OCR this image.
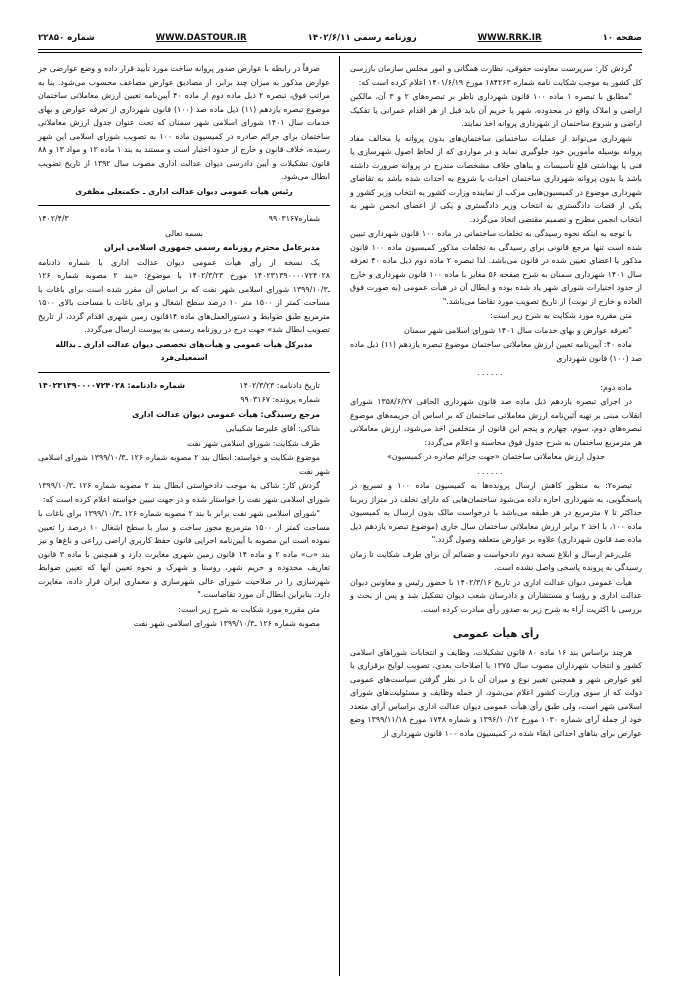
شماره ۲۲۸۵۰	WWW.DASTOUR.IR	روزنامه رسمی ۱۴۰۲/۶/۱۱	WWW.RRK.IR	صفحه ۱۰

گردش کار: سرپرست معاونت حقوقی، نظارت همگانی و امور مجلس سازمان بازرسی کل کشور به موجب شکایت نامه شماره ۱۸۴۲۶۳ مورخ ۱۴۰۱/۶/۱۹ اعلام کرده است که:

"مطابق با تبصره ۱ ماده ۱۰۰ قانون شهرداری ناظر بر تبصره‌های ۲ و ۳ آن، مالکین اراضی و املاک واقع در محدوده، شهر یا حریم آن باید قبل از هر اقدام عمرانی یا تفکیک اراضی و شروع ساختمان از شهرداری پروانه اخذ نمایند.

شهرداری می‌تواند از عملیات ساختمانی ساختمان‌های بدون پروانه یا مخالف مفاد پروانه بوسیله مأمورین خود جلوگیری نماید و در مواردی که از لحاظ اصول شهرسازی یا فنی یا بهداشتی قلع تأسیسات و بناهای خلاف مشخصات مندرج در پروانه ضرورت داشته باشد یا بدون پروانه شهرداری ساختمان احداث یا شروع به احداث شده باشد به تقاضای شهرداری موضوع در کمیسیون‌هایی مرکب از نماینده وزارت کشور به انتخاب وزیر کشور و یکی از قضات دادگستری به انتخاب وزیر دادگستری و یکی از اعضای انجمن شهر به انتخاب انجمن مطرح و تصمیم مقتضی اتخاذ می‌گردد.

با توجه به اینکه نحوه رسیدگی به تخلفات ساختمانی در ماده ۱۰۰ قانون شهرداری تبیین شده است تنها مرجع قانونی برای رسیدگی به تخلفات مذکور کمیسیون ماده ۱۰۰ قانون مذکور یا اعضای تعیین شده در قانون می‌باشد. لذا تبصره ۲ ماده دوم ذیل ماده ۴۰ تعرفه سال ۱۴۰۱ شهرداری سمنان به شرح صفحه ۵۶ مغایر با ماده ۱۰۰ قانون شهرداری و خارج از حدود اختیارات شورای شهر یاد شده بوده و ابطال آن در هیأت عمومی (به صورت فوق العاده و خارج از نوبت) از تاریخ تصویب مورد تقاضا می‌باشد."

متن مقرره مورد شکایت به شرح زیر است:

"تعرفه عوارض و بهای خدمات سال ۱۴۰۱ شورای اسلامی شهر سمنان

ماده ۴۰: آیین‌نامه تعیین ارزش معاملاتی ساختمان موضوع تبصره یازدهم (۱۱) ذیل ماده صد (۱۰۰) قانون شهرداری

......

ماده دوم:

در اجرای تبصره یازدهم ذیل ماده صد قانون شهرداری الحاقی ۱۳۵۸/۶/۲۷ شورای انقلاب مبنی بر تهیه آئین‌نامه ارزش معاملاتی ساختمان که بر اساس آن جریمه‌های موضوع تبصره‌های دوم، سوم، چهارم و پنجم این قانون از متخلفین اخذ می‌شود، ارزش معاملاتی هر مترمربع ساختمان به شرح جدول فوق محاسبه و اعلام می‌گردد:

جدول ارزش معاملاتی ساختمان «جهت جرائم صادره در کمیسیون»

......

تبصره۲: به منظور کاهش ارسال پرونده‌ها به کمیسیون ماده ۱۰۰ و تسریع در پاسخگویی، به شهرداری اجازه داده می‌شود ساختمان‌هایی که دارای تخلف در متراژ زیربنا حداکثر تا ۷ مترمربع در هر طبقه می‌باشد با درخواست مالک بدون ارسال به کمیسیون ماده ۱۰۰، با اخذ ۲ برابر ارزش معاملاتی ساختمان سال جاری (موضوع تبصره یازدهم ذیل ماده صد قانون شهرداری) علاوه بر عوارض متعلقه وصول گردد."

علی‌رغم ارسال و ابلاغ نسخه دوم دادخواست و ضمائم آن برای طرف شکایت تا زمان رسیدگی به پرونده پاسخی واصل نشده است.

هیأت عمومی دیوان عدالت اداری در تاریخ ۱۴۰۲/۳/۱۶ با حضور رئیس و معاونین دیوان عدالت اداری و رؤسا و مستشاران و دادرسان شعب دیوان تشکیل شد و پس از بحث و بررسی با اکثریت آراء به شرح زیر به صدور رأی مبادرت کرده است.

رأی هیأت عمومی

هرچند براساس بند ۱۶ ماده ۸۰ قانون تشکیلات، وظایف و انتخابات شوراهای اسلامی کشور و انتخاب شهرداران مصوب سال ۱۳۷۵ با اصلاحات بعدی، تصویب لوایح برقراری یا لغو عوارض شهر و همچنین تغییر نوع و میزان آن با در نظر گرفتن سیاست‌های عمومی دولت که از سوی وزارت کشور اعلام می‌شود، از جمله وظایف و مسئولیت‌های شورای اسلامی شهر است، ولی طبق رأی هیأت عمومی دیوان عدالت اداری براساس آرای متعدد خود از جمله آرای شماره ۱۰۳۰ مورخ ۱۳۹۶/۱۰/۱۲ و شماره ۱۷۴۸ مورخ ۱۳۹۹/۱۱/۱۸ وضع عوارض برای بناهای احداثی ابقاء شده در کمیسیون ماده ۱۰۰ قانون شهرداری از

صرفاً در رابطه با عوارض صدور پروانه ساخت مورد تأیید قرار داده و وضع عوارضی جز عوارض مذکور به میزان چند برابر، از مصادیق عوارض مضاعف محسوب می‌شود. بنا به مراتب فوق، تبصره ۲ ذیل ماده دوم از ماده ۴۰ آیین‌نامه تعیین ارزش معاملاتی ساختمان موضوع تبصره یازدهم (۱۱) ذیل ماده صد (۱۰۰) قانون شهرداری از تعرفه عوارض و بهای خدمات سال ۱۴۰۱ شورای اسلامی شهر سمنان که تحت عنوان جدول ارزش معاملاتی ساختمان برای جرائم صادره در کمیسیون ماده ۱۰۰ به تصویب شورای اسلامی این شهر رسیده، خلاف قانون و خارج از حدود اختیار است و مستند به بند ۱ ماده ۱۲ و مواد ۱۳ و ۸۸ قانون تشکیلات و آیین دادرسی دیوان عدالت اداری مصوب سال ۱۳۹۲ از تاریخ تصویب ابطال می‌شود.

رئیس هیأت عمومی دیوان عدالت اداری ـ حکمتعلی مظفری

شماره۹۹۰۳۱۶۷
۱۴۰۲/۴/۳

بسمه تعالی

مدیرعامل محترم روزنامه رسمی جمهوری اسلامی ایران

یک نسخه از رأی هیأت عمومی دیوان عدالت اداری با شماره دادنامه ۱۴۰۲۳۱۳۹۰۰۰۰۷۲۴۰۲۸ مورخ ۱۴۰۲/۳/۲۳ با موضوع: «بند ۲ مصوبه شماره ۱۲۶ ـ۱۳۹۹/۱۰/۳ شورای اسلامی شهر نفت که بر اساس آن مقرر شده است برای باغات با مساحت کمتر از ۱۵۰۰ متر ۱۰ درصد سطح اشغال و برای باغات با مساحت بالای ۱۵۰۰ مترمربع طبق ضوابط و دستورالعمل‌های ماده ۱۴قانون زمین شهری اقدام گردد، از تاریخ تصویب ابطال شد» جهت درج در روزنامه رسمی به پیوست ارسال می‌گردد.

مدیرکل هیأت عمومی و هیأت‌های تخصصی دیوان عدالت اداری ـ یدالله اسمعیلی‌فرد

تاریخ دادنامه: ۱۴۰۲/۳/۲۳
شماره دادنامه: ۱۴۰۲۳۱۳۹۰۰۰۰۷۲۴۰۲۸

شماره پرونده: ۹۹۰۳۱۶۷

مرجع رسیدگی: هیأت عمومی دیوان عدالت اداری

شاکی: آقای علیرضا شکیبایی

طرف شکایت: شورای اسلامی شهر نفت

موضوع شکایت و خواسته: ابطال بند ۲ مصوبه شماره ۱۲۶ ـ۱۳۹۹/۱۰/۳ شورای اسلامی شهر نفت

گردش کار: شاکی به موجب دادخواستی ابطال بند ۲ مصوبه شماره ۱۲۶ ـ۱۳۹۹/۱۰/۳ شورای اسلامی شهر نفت را خواستار شده و در جهت تبیین خواسته اعلام کرده است که:

"شورای اسلامی شهر نفت برابر با بند ۲ مصوبه شماره ۱۲۶ ـ۱۳۹۹/۱۰/۳ برای باغات با مساحت کمتر از ۱۵۰۰ مترمربع مجوز ساخت و ساز با سطح اشغال ۱۰ درصد را تعیین نموده است این مصوبه با آیین‌نامه اجرایی قانون حفظ کاربری اراضی زراعی و باغ‌ها و نیز بند «ب» ماده ۲ و ماده ۱۴ قانون زمین شهری مغایرت دارد و همچنین با ماده ۳ قانون تعاریف محدوده و حریم شهر، روستا و شهرک و نحوه تعیین آنها که تعیین ضوابط شهرسازی را در صلاحیت شورای عالی شهرسازی و معماری ایران قرار داده، مغایرت دارد. بنابراین ابطال آن مورد تقاضاست."

متن مقرره مورد شکایت به شرح زیر است:

مصوبه شماره ۱۲۶ ـ۱۳۹۹/۱۰/۳ شورای اسلامی شهر نفت
